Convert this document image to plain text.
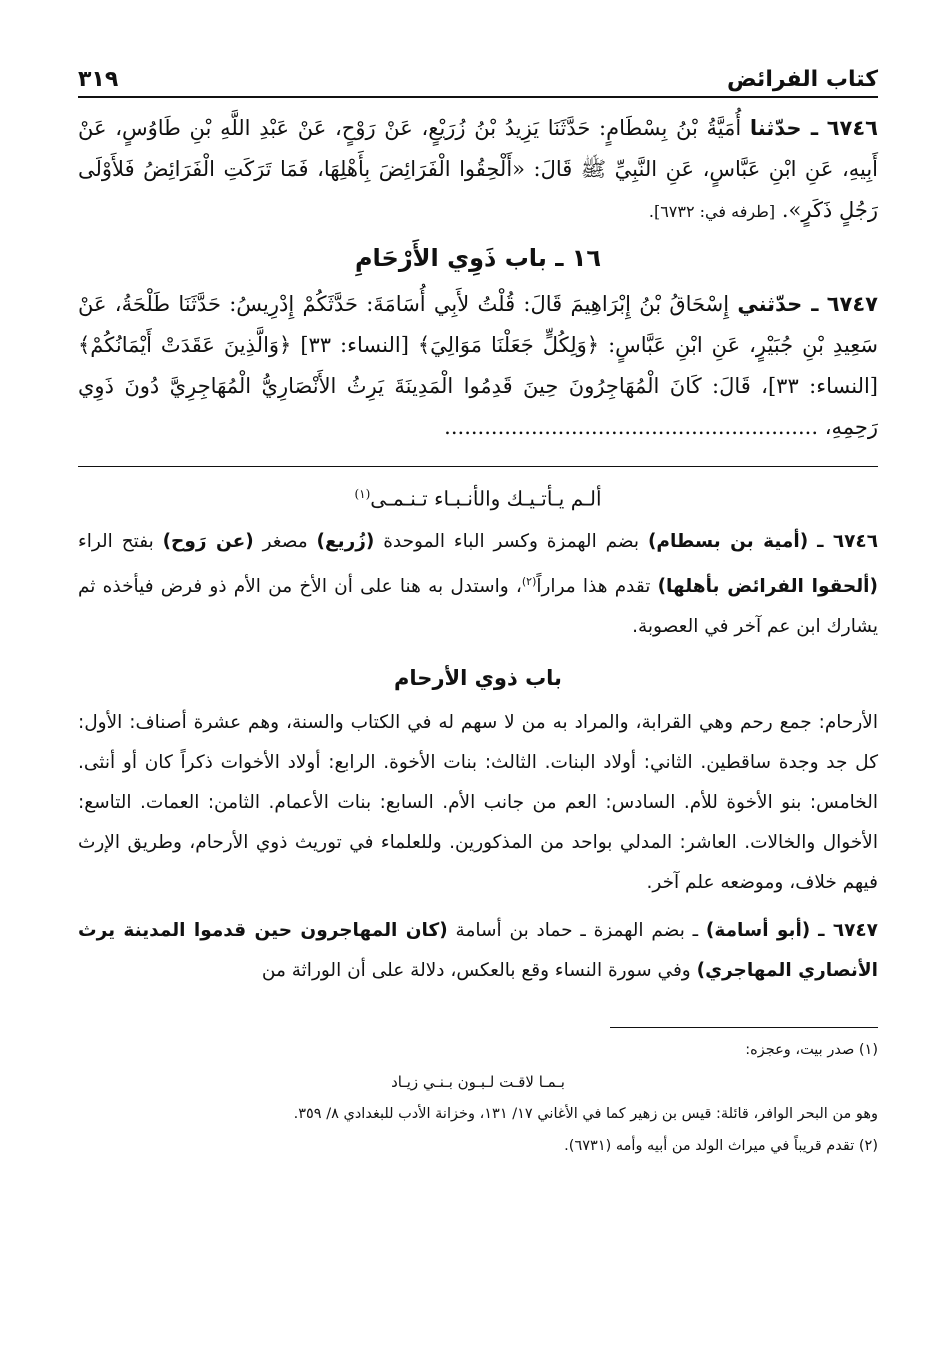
كتاب الفرائض
٣١٩

٦٧٤٦ ـ حدّثنا أُمَيَّةُ بْنُ بِسْطَامٍ: حَدَّثَنَا يَزِيدُ بْنُ زُرَيْعٍ، عَنْ رَوْحٍ، عَنْ عَبْدِ اللَّهِ بْنِ طَاوُسٍ، عَنْ أَبِيهِ، عَنِ ابْنِ عَبَّاسٍ، عَنِ النَّبِيِّ ﷺ قَالَ: «أَلْحِقُوا الْفَرَائِضَ بِأَهْلِهَا، فَمَا تَرَكَتِ الْفَرَائِضُ فَلأَوْلَى رَجُلٍ ذَكَرٍ». [طرفه في: ٦٧٣٢].

١٦ ـ باب ذَوِي الأَرْحَامِ

٦٧٤٧ ـ حدّثني إِسْحَاقُ بْنُ إِبْرَاهِيمَ قَالَ: قُلْتُ لأَبِي أُسَامَةَ: حَدَّثَكُمْ إِدْرِيسُ: حَدَّثَنَا طَلْحَةُ، عَنْ سَعِيدِ بْنِ جُبَيْرٍ، عَنِ ابْنِ عَبَّاسٍ: ﴿وَلِكُلٍّ جَعَلْنَا مَوَالِيَ﴾ [النساء: ٣٣] ﴿وَالَّذِينَ عَقَدَتْ أَيْمَانُكُمْ﴾ [النساء: ٣٣]، قَالَ: كَانَ الْمُهَاجِرُونَ حِينَ قَدِمُوا الْمَدِينَةَ يَرِثُ الأَنْصَارِيُّ الْمُهَاجِرِيَّ دُونَ ذَوِي رَحِمِهِ، ........................................................

ألـم يـأتـيـك والأنـبـاء تـنـمـى$^{(١)}$

٦٧٤٦ ـ (أمية بن بسطام) بضم الهمزة وكسر الباء الموحدة (زُريع) مصغر (عن رَوح) بفتح الراء (ألحقوا الفرائض بأهلها) تقدم هذا مراراً$^{(٢)}$، واستدل به هنا على أن الأخ من الأم ذو فرض فيأخذه ثم يشارك ابن عم آخر في العصوبة.

باب ذوي الأرحام

الأرحام: جمع رحم وهي القرابة، والمراد به من لا سهم له في الكتاب والسنة، وهم عشرة أصناف: الأول: كل جد وجدة ساقطين. الثاني: أولاد البنات. الثالث: بنات الأخوة. الرابع: أولاد الأخوات ذكراً كان أو أنثى. الخامس: بنو الأخوة للأم. السادس: العم من جانب الأم. السابع: بنات الأعمام. الثامن: العمات. التاسع: الأخوال والخالات. العاشر: المدلي بواحد من المذكورين. وللعلماء في توريث ذوي الأرحام، وطريق الإرث فيهم خلاف، وموضعه علم آخر.

٦٧٤٧ ـ (أبو أسامة) ـ بضم الهمزة ـ حماد بن أسامة (كان المهاجرون حين قدموا المدينة يرث الأنصاري المهاجري) وفي سورة النساء وقع بالعكس، دلالة على أن الوراثة من

(١) صدر بيت، وعجزه:

بـمـا لاقـت لـبـون بـنـي زيـاد

وهو من البحر الوافر، قائلة: قيس بن زهير كما في الأغاني ١٧/ ١٣١، وخزانة الأدب للبغدادي ٨/ ٣٥٩.

(٢) تقدم قريباً في ميراث الولد من أبيه وأمه (٦٧٣١).
